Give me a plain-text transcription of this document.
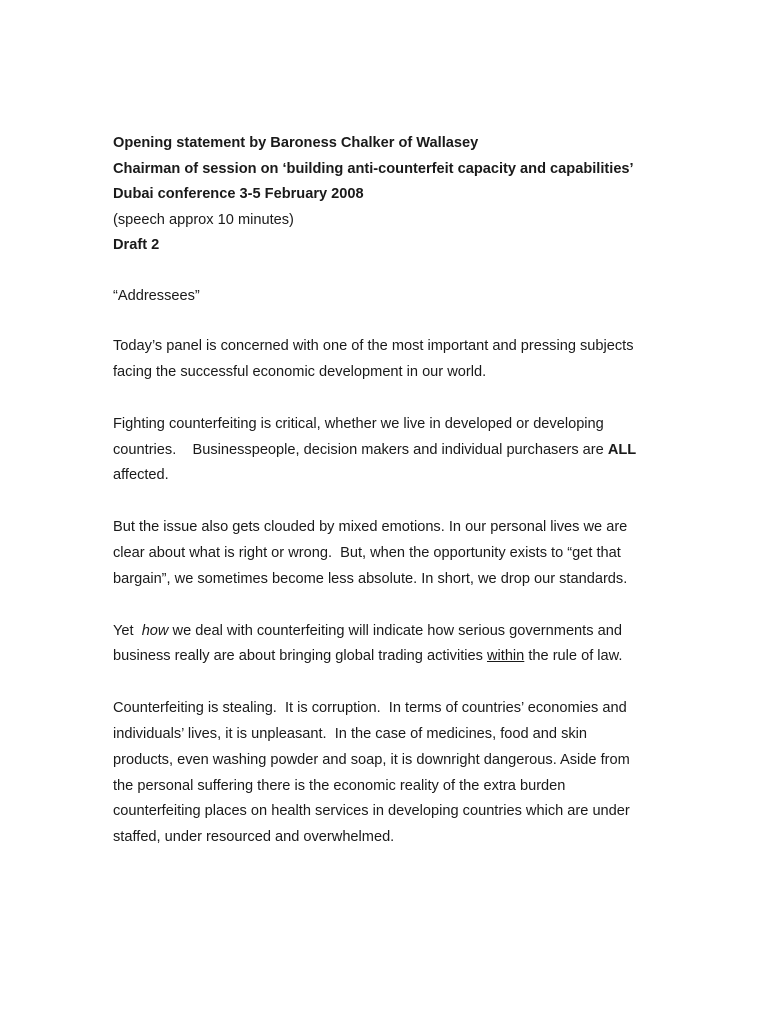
Opening statement by Baroness Chalker of Wallasey
Chairman of session on ‘building anti-counterfeit capacity and capabilities’
Dubai conference 3-5 February 2008
(speech approx 10 minutes)
Draft 2
“Addressees”
Today’s panel is concerned with one of the most important and pressing subjects
facing the successful economic development in our world.
Fighting counterfeiting is critical, whether we live in developed or developing
countries.    Businesspeople, decision makers and individual purchasers are ALL
affected.
But the issue also gets clouded by mixed emotions. In our personal lives we are
clear about what is right or wrong.  But, when the opportunity exists to “get that
bargain”, we sometimes become less absolute. In short, we drop our standards.
Yet  how we deal with counterfeiting will indicate how serious governments and
business really are about bringing global trading activities within the rule of law.
Counterfeiting is stealing.  It is corruption.  In terms of countries’ economies and
individuals’ lives, it is unpleasant.  In the case of medicines, food and skin
products, even washing powder and soap, it is downright dangerous. Aside from
the personal suffering there is the economic reality of the extra burden
counterfeiting places on health services in developing countries which are under
staffed, under resourced and overwhelmed.
